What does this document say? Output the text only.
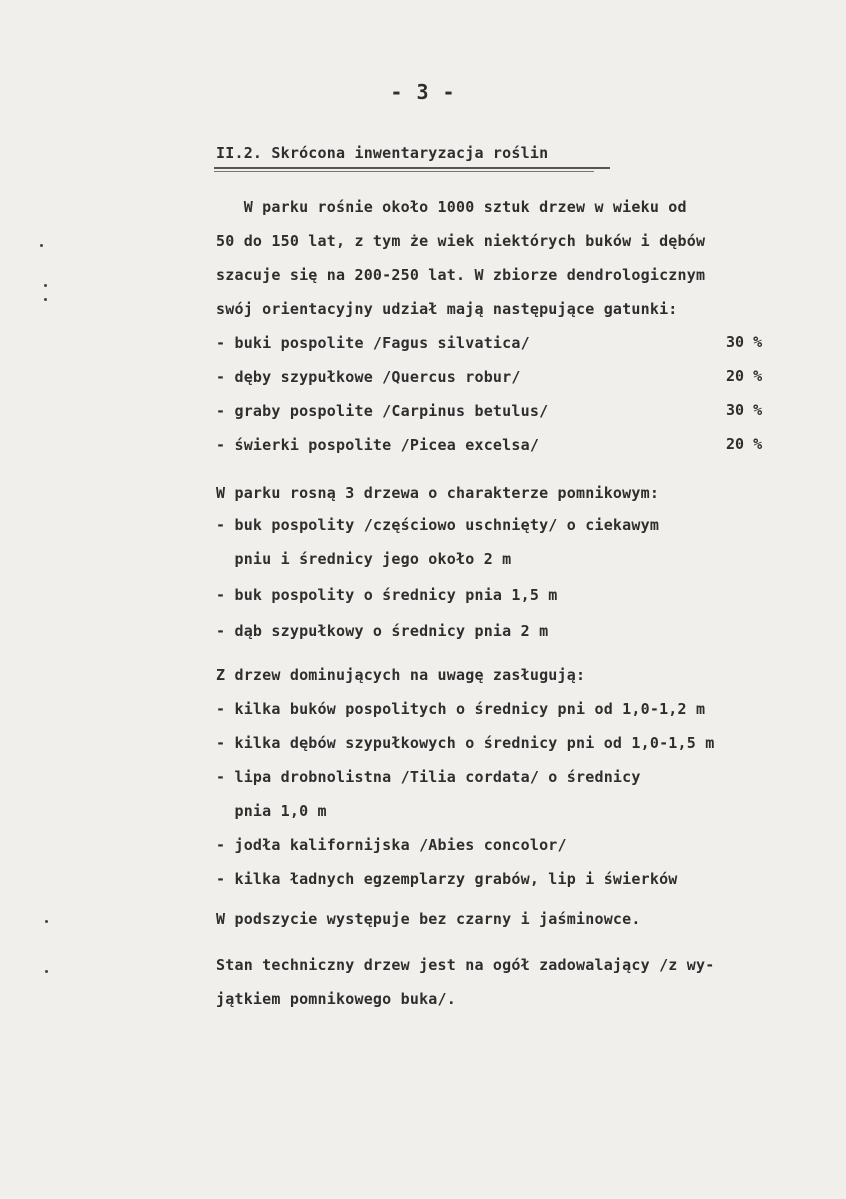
- 3 -
II.2. Skrócona inwentaryzacja roślin
W parku rośnie około 1000 sztuk drzew w wieku od
50 do 150 lat, z tym że wiek niektórych buków i dębów
szacuje się na 200-250 lat. W zbiorze dendrologicznym
swój orientacyjny udział mają następujące gatunki:
- buki pospolite /Fagus silvatica/	30 %
- dęby szypułkowe /Quercus robur/	20 %
- graby pospolite /Carpinus betulus/	30 %
- świerki pospolite /Picea excelsa/	20 %
W parku rosną 3 drzewa o charakterze pomnikowym:
- buk pospolity /częściowo uschnięty/ o ciekawym
pniu i średnicy jego około 2 m
- buk pospolity o średnicy pnia 1,5 m
- dąb szypułkowy o średnicy pnia 2 m
Z drzew dominujących na uwagę zasługują:
- kilka buków pospolitych o średnicy pni od 1,0-1,2 m
- kilka dębów szypułkowych o średnicy pni od 1,0-1,5 m
- lipa drobnolistna /Tilia cordata/ o średnicy
pnia 1,0 m
- jodła kalifornijska /Abies concolor/
- kilka ładnych egzemplarzy grabów, lip i świerków
W podszycie występuje bez czarny i jaśminowce.
Stan techniczny drzew jest na ogół zadowalający /z wy-
jątkiem pomnikowego buka/.
